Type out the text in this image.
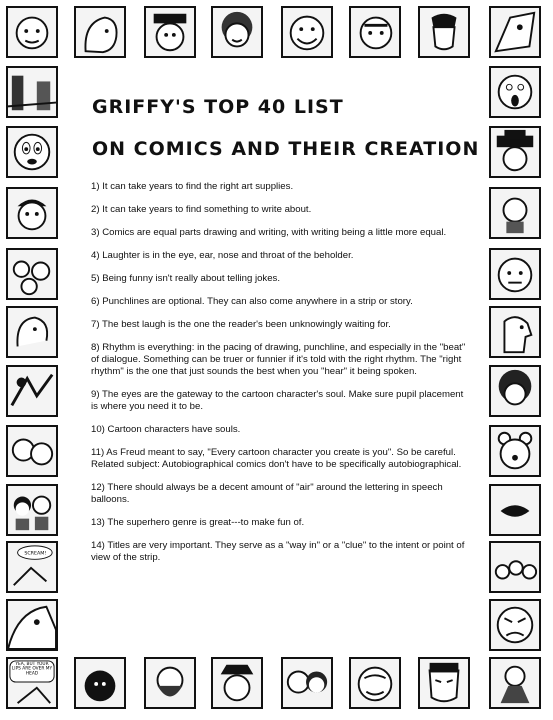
SCREAM!
YEA, BUT YOUR LIPS ARE OVER MY HEAD
GRIFFY'S TOP 40 LIST
ON COMICS AND THEIR CREATION
1) It can take years to find the right art supplies.
2) It can take years to find something to write about.
3) Comics are equal parts drawing and writing, with writing being a little more equal.
4) Laughter is in the eye, ear, nose and throat of the beholder.
5) Being funny isn't really about telling jokes.
6) Punchlines are optional. They can also come anywhere in a strip or story.
7) The best laugh is the one the reader's been unknowingly waiting for.
8) Rhythm is everything: in the pacing of drawing, punchline, and especially in the "beat" of dialogue. Something can be truer or funnier if it's told with the right rhythm. The "right rhythm" is the one that just sounds the best when you "hear" it being spoken.
9) The eyes are the gateway to the cartoon character's soul. Make sure pupil placement is where you need it to be.
10) Cartoon characters have souls.
11) As Freud meant to say, "Every cartoon character you create is you". So be careful. Related subject: Autobiographical comics don't have to be specifically autobiographical.
12) There should always be a decent amount of "air" around the lettering in speech balloons.
13) The superhero genre is great---to make fun of.
14) Titles are very important. They serve as a "way in" or a "clue" to the intent or point of view of the strip.
